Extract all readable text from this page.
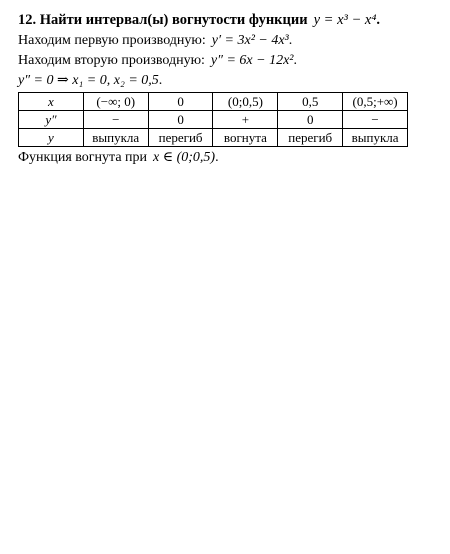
12. Найти интервал(ы) вогнутости функции y = x³ − x⁴.
Находим первую производную: y′ = 3x² − 4x³.
Находим вторую производную: y″ = 6x − 12x².
y″ = 0 ⇒ x₁ = 0, x₂ = 0,5.
x	(−∞; 0)	0	(0;0,5)	0,5	(0,5;+∞)
y″	−	0	+	0	−
y	выпукла	перегиб	вогнута	перегиб	выпукла
Функция вогнута при x ∈ (0;0,5).
